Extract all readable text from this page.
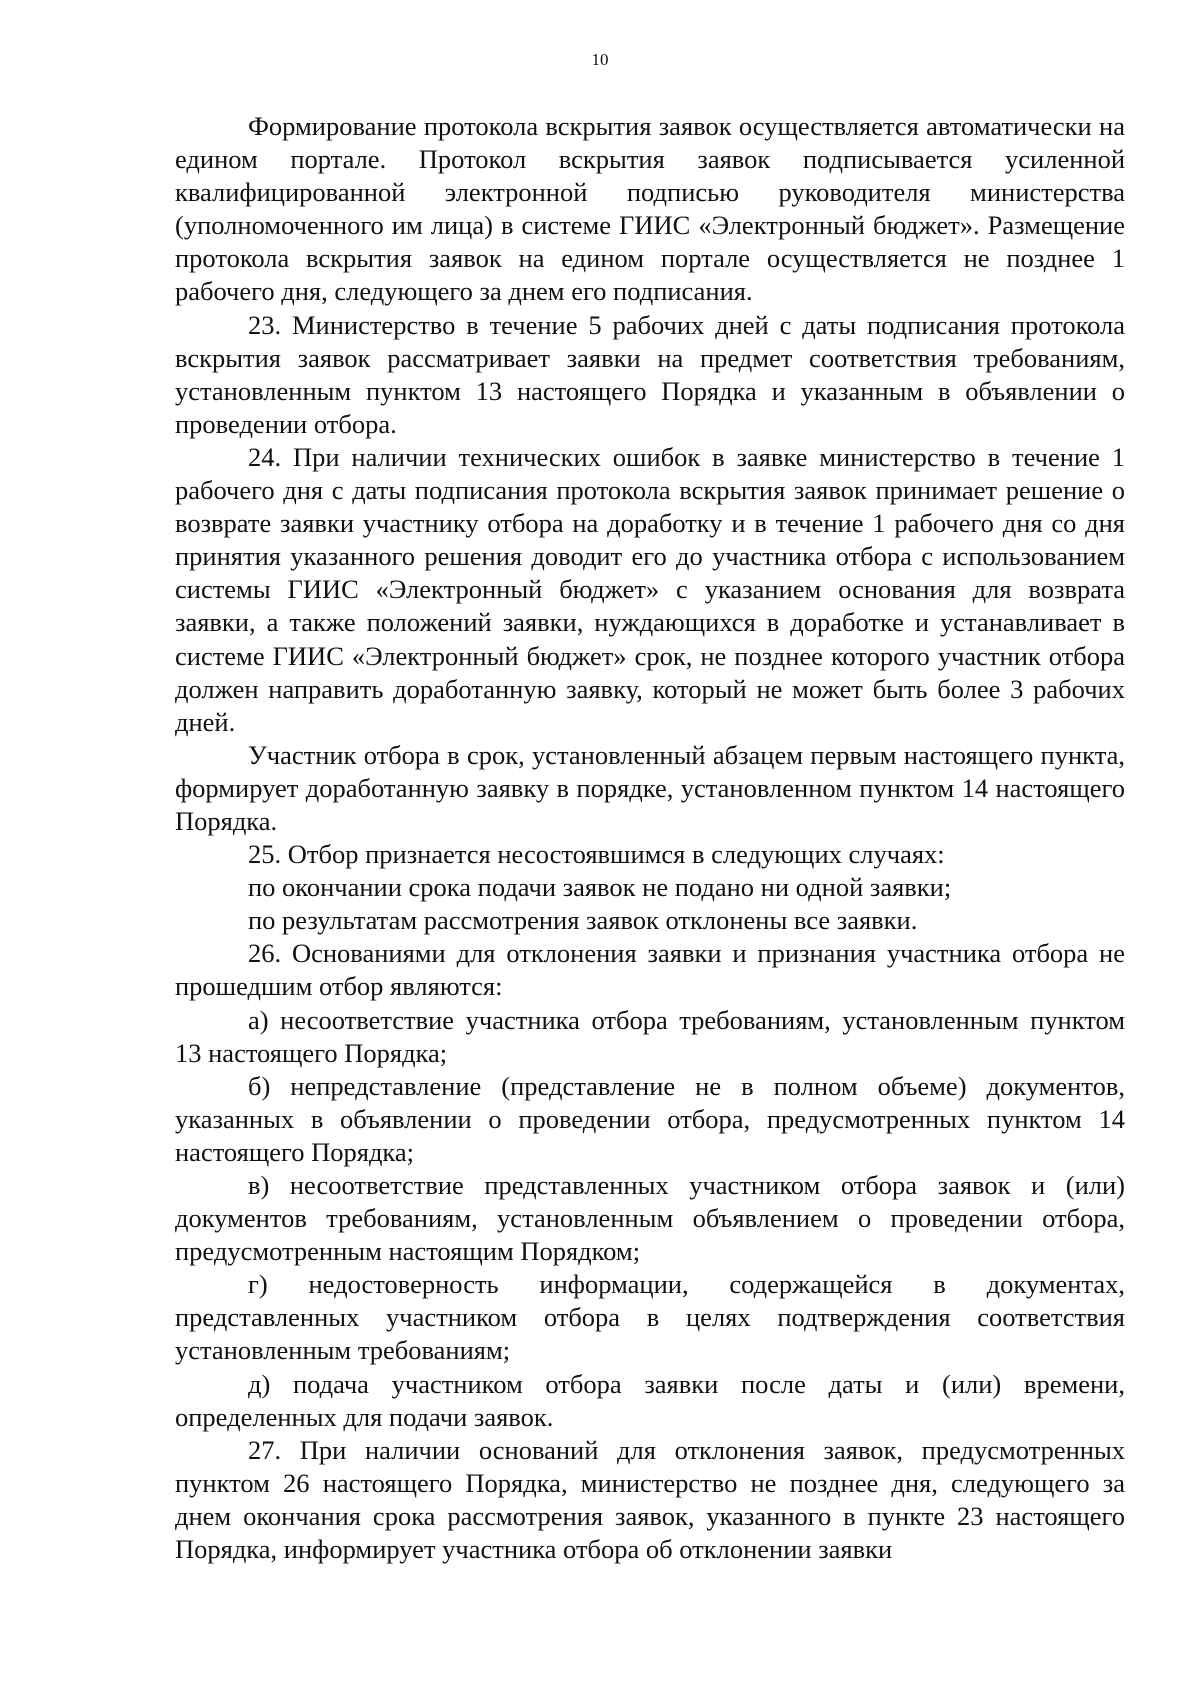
10

Формирование протокола вскрытия заявок осуществляется автоматически на едином портале. Протокол вскрытия заявок подписывается усиленной квалифицированной электронной подписью руководителя министерства (уполномоченного им лица) в системе ГИИС «Электронный бюджет». Размещение протокола вскрытия заявок на едином портале осуществляется не позднее 1 рабочего дня, следующего за днем его подписания.

23. Министерство в течение 5 рабочих дней с даты подписания протокола вскрытия заявок рассматривает заявки на предмет соответствия требованиям, установленным пунктом 13 настоящего Порядка и указанным в объявлении о проведении отбора.

24. При наличии технических ошибок в заявке министерство в течение 1 рабочего дня с даты подписания протокола вскрытия заявок принимает решение о возврате заявки участнику отбора на доработку и в течение 1 рабочего дня со дня принятия указанного решения доводит его до участника отбора с использованием системы ГИИС «Электронный бюджет» с указанием основания для возврата заявки, а также положений заявки, нуждающихся в доработке и устанавливает в системе ГИИС «Электронный бюджет» срок, не позднее которого участник отбора должен направить доработанную заявку, который не может быть более 3 рабочих дней.

Участник отбора в срок, установленный абзацем первым настоящего пункта, формирует доработанную заявку в порядке, установленном пунктом 14 настоящего Порядка.

25. Отбор признается несостоявшимся в следующих случаях:

по окончании срока подачи заявок не подано ни одной заявки;

по результатам рассмотрения заявок отклонены все заявки.

26. Основаниями для отклонения заявки и признания участника отбора не прошедшим отбор являются:

а) несоответствие участника отбора требованиям, установленным пунктом 13 настоящего Порядка;

б) непредставление (представление не в полном объеме) документов, указанных в объявлении о проведении отбора, предусмотренных пунктом 14 настоящего Порядка;

в) несоответствие представленных участником отбора заявок и (или) документов требованиям, установленным объявлением о проведении отбора, предусмотренным настоящим Порядком;

г) недостоверность информации, содержащейся в документах, представленных участником отбора в целях подтверждения соответствия установленным требованиям;

д) подача участником отбора заявки после даты и (или) времени, определенных для подачи заявок.

27. При наличии оснований для отклонения заявок, предусмотренных пунктом 26 настоящего Порядка, министерство не позднее дня, следующего за днем окончания срока рассмотрения заявок, указанного в пункте 23 настоящего Порядка, информирует участника отбора об отклонении заявки
